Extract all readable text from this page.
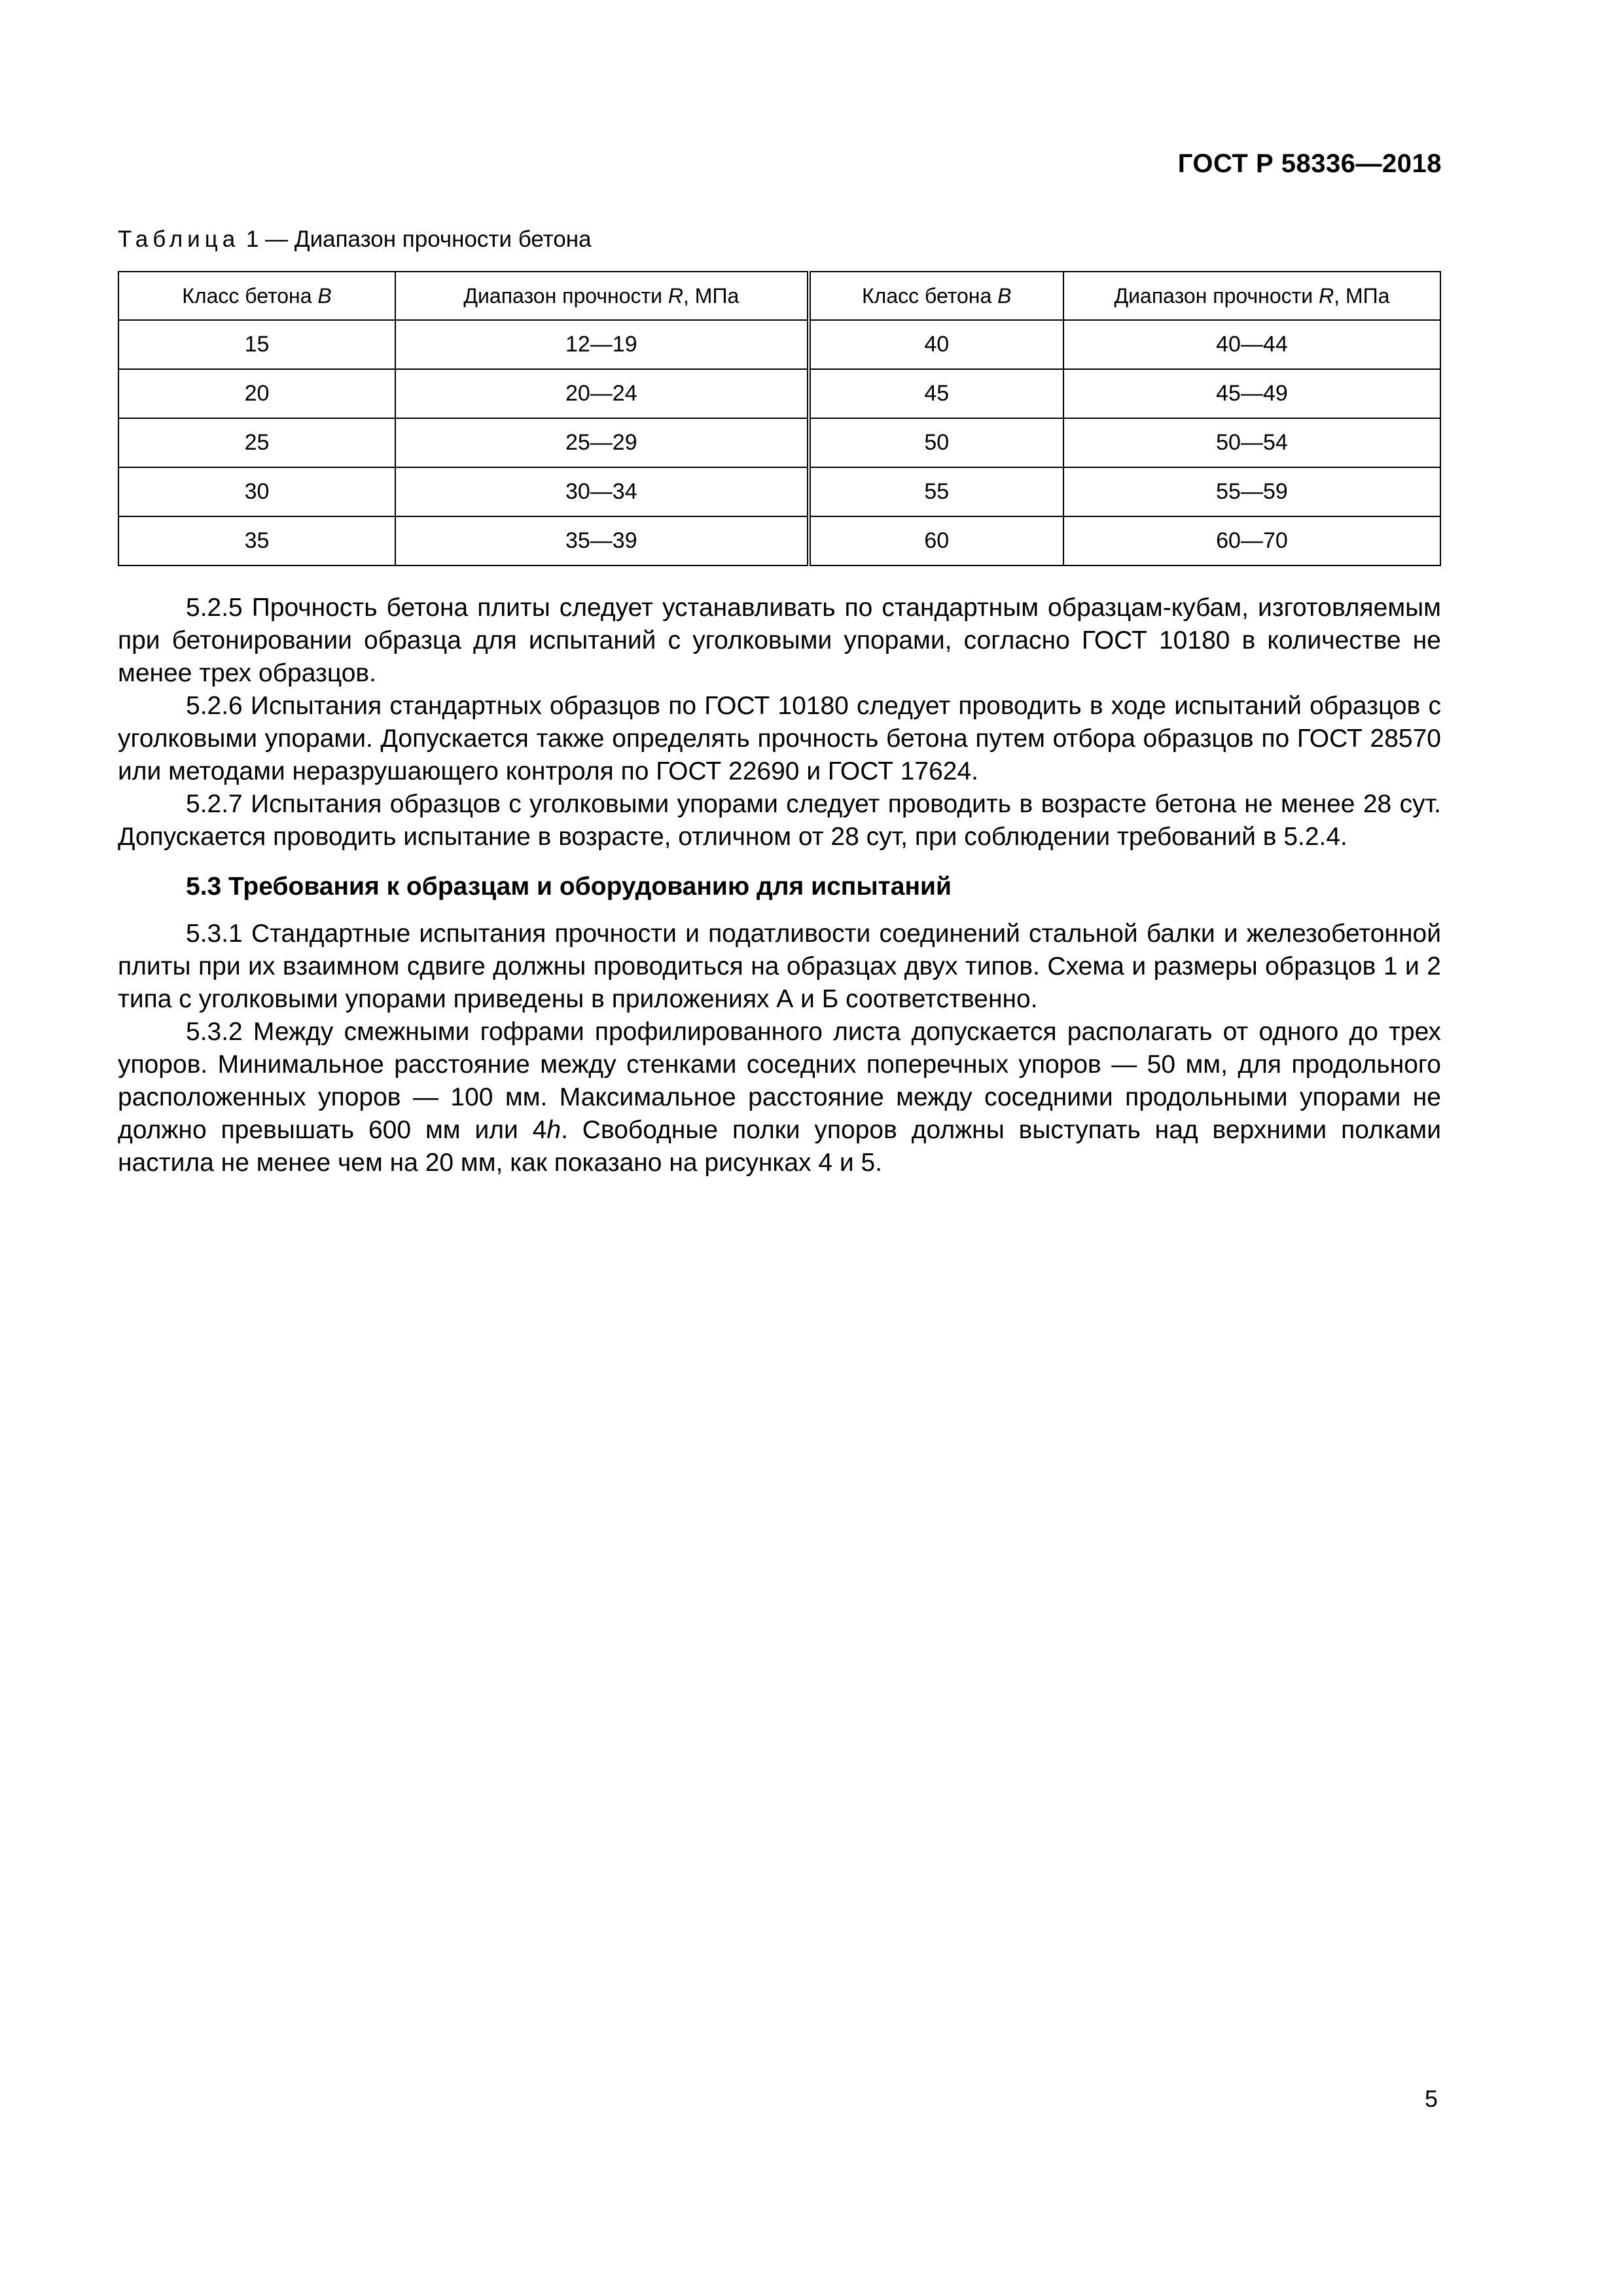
ГОСТ Р 58336—2018
Таблица 1 — Диапазон прочности бетона
Класс бетона B	Диапазон прочности R, МПа	Класс бетона B	Диапазон прочности R, МПа
15	12—19	40	40—44
20	20—24	45	45—49
25	25—29	50	50—54
30	30—34	55	55—59
35	35—39	60	60—70

5.2.5 Прочность бетона плиты следует устанавливать по стандартным образцам-кубам, изготовляемым при бетонировании образца для испытаний с уголковыми упорами, согласно ГОСТ 10180 в количестве не менее трех образцов.

5.2.6 Испытания стандартных образцов по ГОСТ 10180 следует проводить в ходе испытаний образцов с уголковыми упорами. Допускается также определять прочность бетона путем отбора образцов по ГОСТ 28570 или методами неразрушающего контроля по ГОСТ 22690 и ГОСТ 17624.

5.2.7 Испытания образцов с уголковыми упорами следует проводить в возрасте бетона не менее 28 сут. Допускается проводить испытание в возрасте, отличном от 28 сут, при соблюдении требований в 5.2.4.

5.3 Требования к образцам и оборудованию для испытаний

5.3.1 Стандартные испытания прочности и податливости соединений стальной балки и железобетонной плиты при их взаимном сдвиге должны проводиться на образцах двух типов. Схема и размеры образцов 1 и 2 типа с уголковыми упорами приведены в приложениях А и Б соответственно.

5.3.2 Между смежными гофрами профилированного листа допускается располагать от одного до трех упоров. Минимальное расстояние между стенками соседних поперечных упоров — 50 мм, для продольного расположенных упоров — 100 мм. Максимальное расстояние между соседними продольными упорами не должно превышать 600 мм или 4h. Свободные полки упоров должны выступать над верхними полками настила не менее чем на 20 мм, как показано на рисунках 4 и 5.

5
